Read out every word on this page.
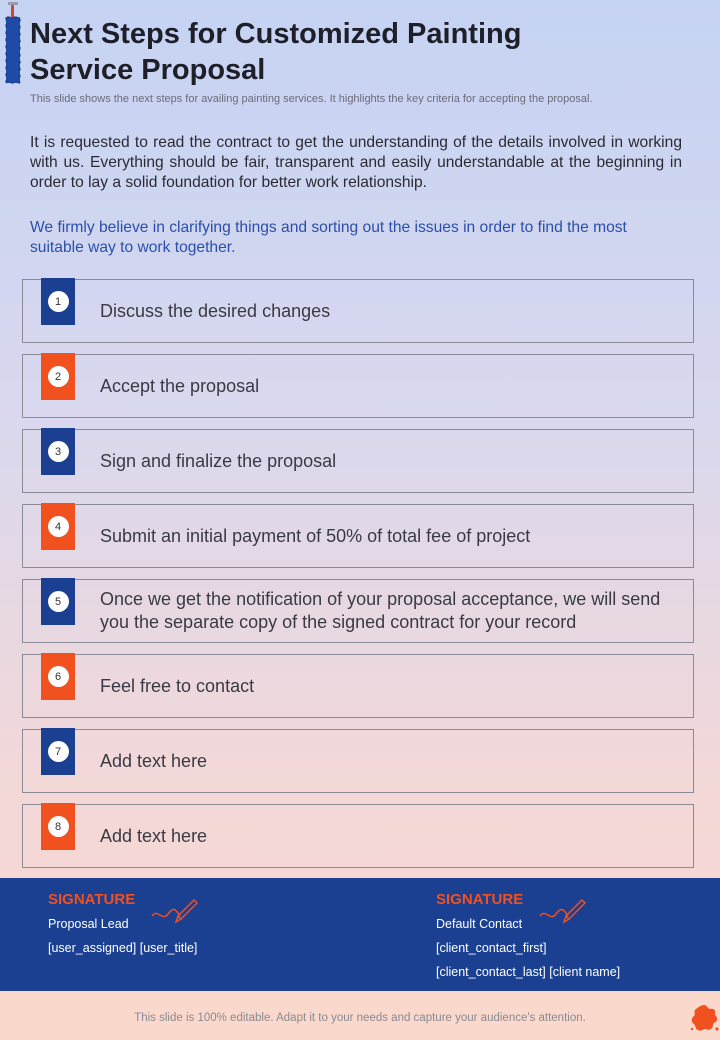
Next Steps for Customized Painting
Service Proposal
This slide shows the next steps for availing painting services. It highlights the key criteria for accepting the proposal.

It is requested to read the contract to get the understanding of the details involved in working with us. Everything should be fair, transparent and easily understandable at the beginning in order to lay a solid foundation for better work relationship.

We firmly believe in clarifying things and sorting out the issues in order to find the most suitable way to work together.

1	Discuss the desired changes
2	Accept the proposal
3	Sign and finalize the proposal
4	Submit an initial payment of 50% of total fee of project
5	Once we get the notification of your proposal acceptance, we will send you the separate copy of the signed contract for your record
6	Feel free to contact
7	Add text here
8	Add text here
SIGNATURE
Proposal Lead
[user_assigned] [user_title]
SIGNATURE
Default Contact
[client_contact_first]
[client_contact_last] [client name]
This slide is 100% editable. Adapt it to your needs and capture your audience's attention.
